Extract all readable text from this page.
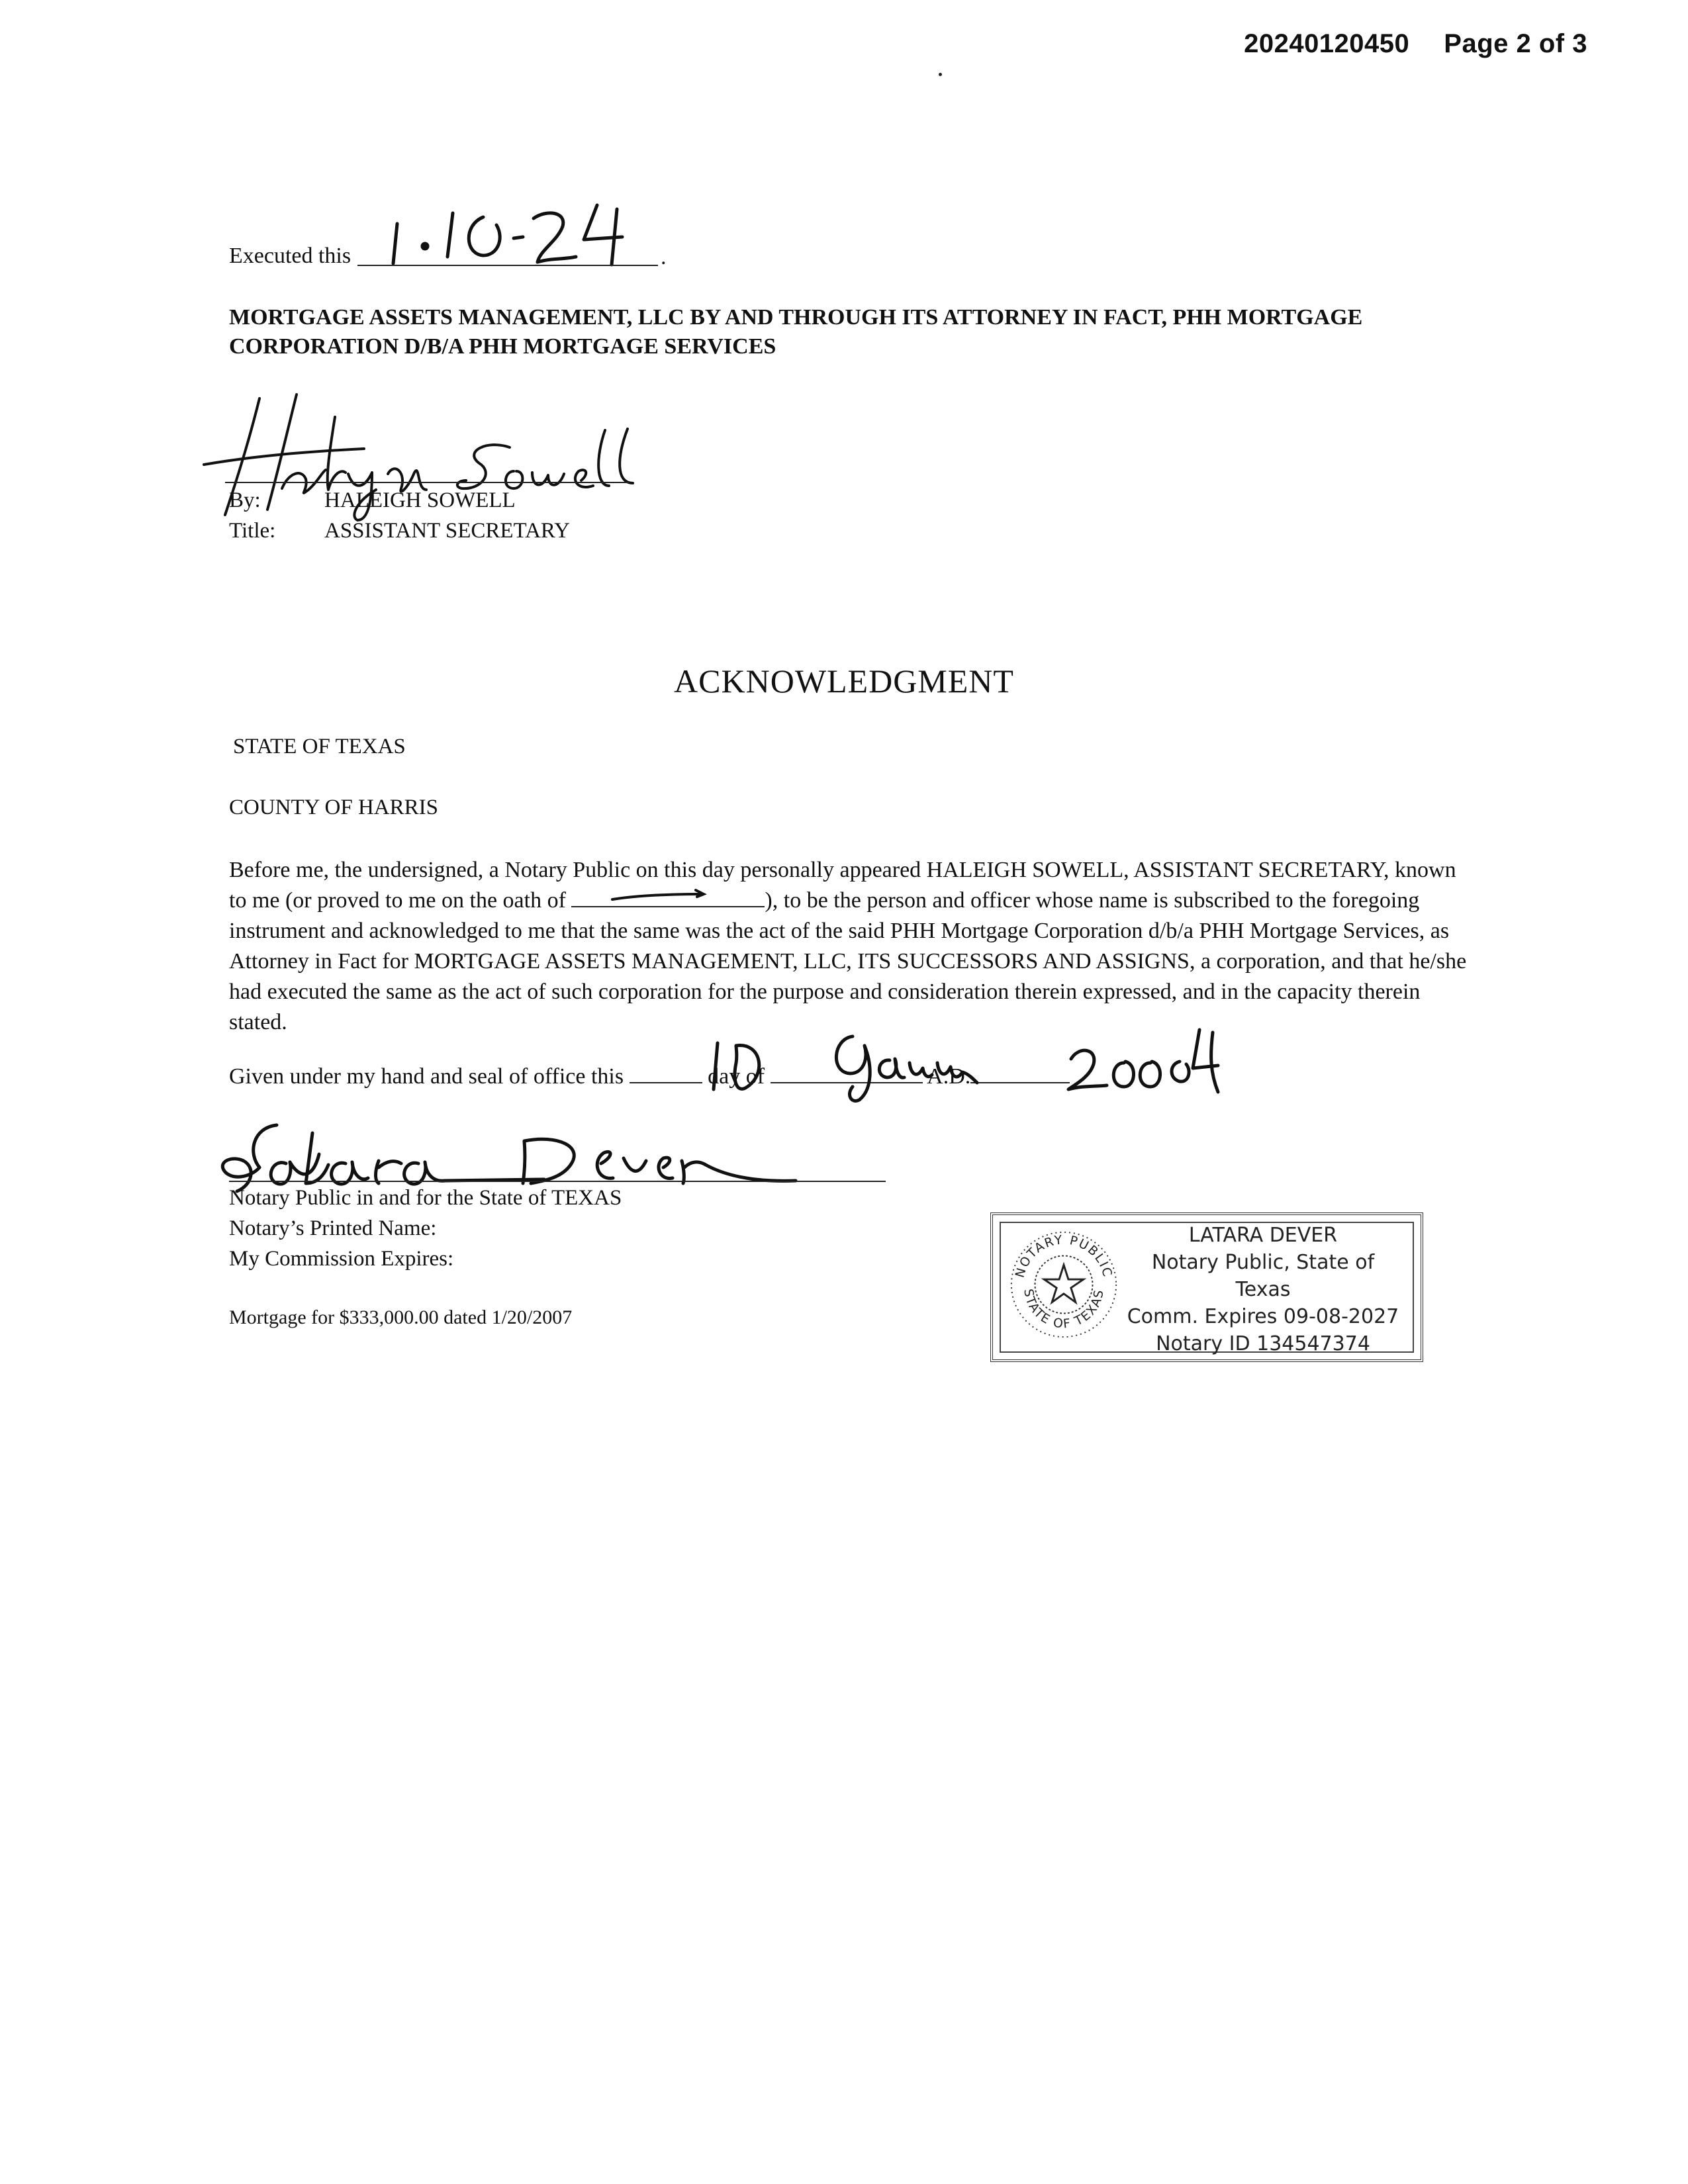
20240120450 Page 2 of 3
Executed this	.
MORTGAGE ASSETS MANAGEMENT, LLC BY AND THROUGH ITS ATTORNEY IN FACT, PHH MORTGAGE CORPORATION D/B/A PHH MORTGAGE SERVICES
By:	HALEIGH SOWELL
Title: ASSISTANT SECRETARY
ACKNOWLEDGMENT
STATE OF TEXAS
COUNTY OF HARRIS
Before me, the undersigned, a Notary Public on this day personally appeared HALEIGH SOWELL, ASSISTANT SECRETARY, known to me (or proved to me on the oath of	), to be the person and officer whose name is subscribed to the foregoing instrument and acknowledged to me that the same was the act of the said PHH Mortgage Corporation d/b/a PHH Mortgage Services, as Attorney in Fact for MORTGAGE ASSETS MANAGEMENT, LLC, ITS SUCCESSORS AND ASSIGNS, a corporation, and that he/she had executed the same as the act of such corporation for the purpose and consideration therein expressed, and in the capacity therein stated.
Given under my hand and seal of office this	day of	A.D.
Notary Public in and for the State of TEXAS
Notary’s Printed Name:
My Commission Expires:
Mortgage for $333,000.00 dated 1/20/2007
NOTARY PUBLIC
STATE OF TEXAS
LATARA DEVER
Notary Public, State of Texas
Comm. Expires 09-08-2027
Notary ID 134547374
